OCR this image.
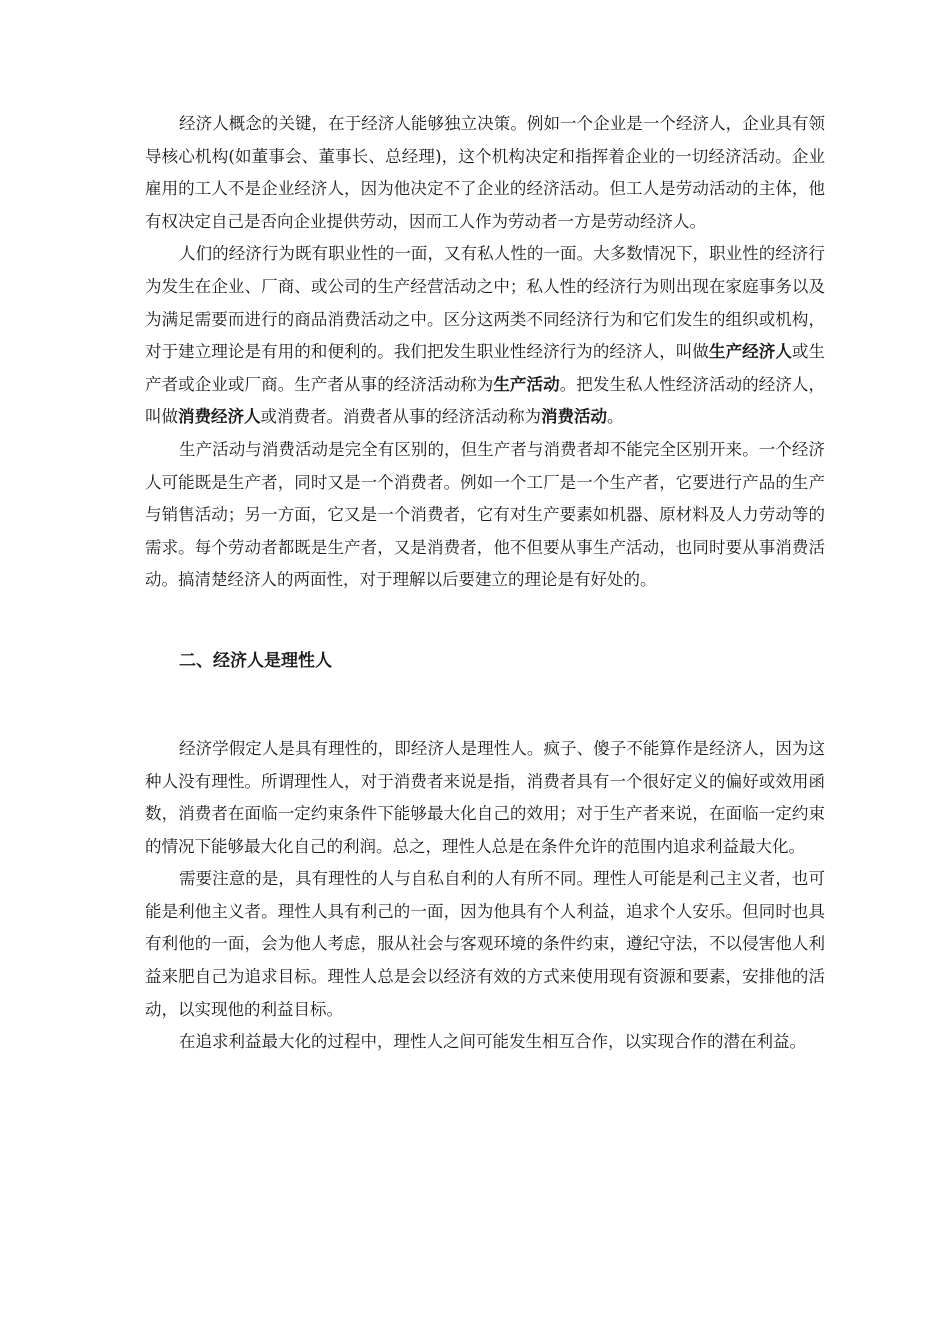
经济人概念的关键，在于经济人能够独立决策。例如一个企业是一个经济人，企业具有领导核心机构(如董事会、董事长、总经理)，这个机构决定和指挥着企业的一切经济活动。企业雇用的工人不是企业经济人，因为他决定不了企业的经济活动。但工人是劳动活动的主体，他有权决定自己是否向企业提供劳动，因而工人作为劳动者一方是劳动经济人。

人们的经济行为既有职业性的一面，又有私人性的一面。大多数情况下，职业性的经济行为发生在企业、厂商、或公司的生产经营活动之中；私人性的经济行为则出现在家庭事务以及为满足需要而进行的商品消费活动之中。区分这两类不同经济行为和它们发生的组织或机构，对于建立理论是有用的和便利的。我们把发生职业性经济行为的经济人，叫做生产经济人或生产者或企业或厂商。生产者从事的经济活动称为生产活动。把发生私人性经济活动的经济人，叫做消费经济人或消费者。消费者从事的经济活动称为消费活动。

生产活动与消费活动是完全有区别的，但生产者与消费者却不能完全区别开来。一个经济人可能既是生产者，同时又是一个消费者。例如一个工厂是一个生产者，它要进行产品的生产与销售活动；另一方面，它又是一个消费者，它有对生产要素如机器、原材料及人力劳动等的需求。每个劳动者都既是生产者，又是消费者，他不但要从事生产活动，也同时要从事消费活动。搞清楚经济人的两面性，对于理解以后要建立的理论是有好处的。

二、经济人是理性人

经济学假定人是具有理性的，即经济人是理性人。疯子、傻子不能算作是经济人，因为这种人没有理性。所谓理性人，对于消费者来说是指，消费者具有一个很好定义的偏好或效用函数，消费者在面临一定约束条件下能够最大化自己的效用；对于生产者来说，在面临一定约束的情况下能够最大化自己的利润。总之，理性人总是在条件允许的范围内追求利益最大化。

需要注意的是，具有理性的人与自私自利的人有所不同。理性人可能是利己主义者，也可能是利他主义者。理性人具有利己的一面，因为他具有个人利益，追求个人安乐。但同时也具有利他的一面，会为他人考虑，服从社会与客观环境的条件约束，遵纪守法，不以侵害他人利益来肥自己为追求目标。理性人总是会以经济有效的方式来使用现有资源和要素，安排他的活动，以实现他的利益目标。

在追求利益最大化的过程中，理性人之间可能发生相互合作，以实现合作的潜在利益。
